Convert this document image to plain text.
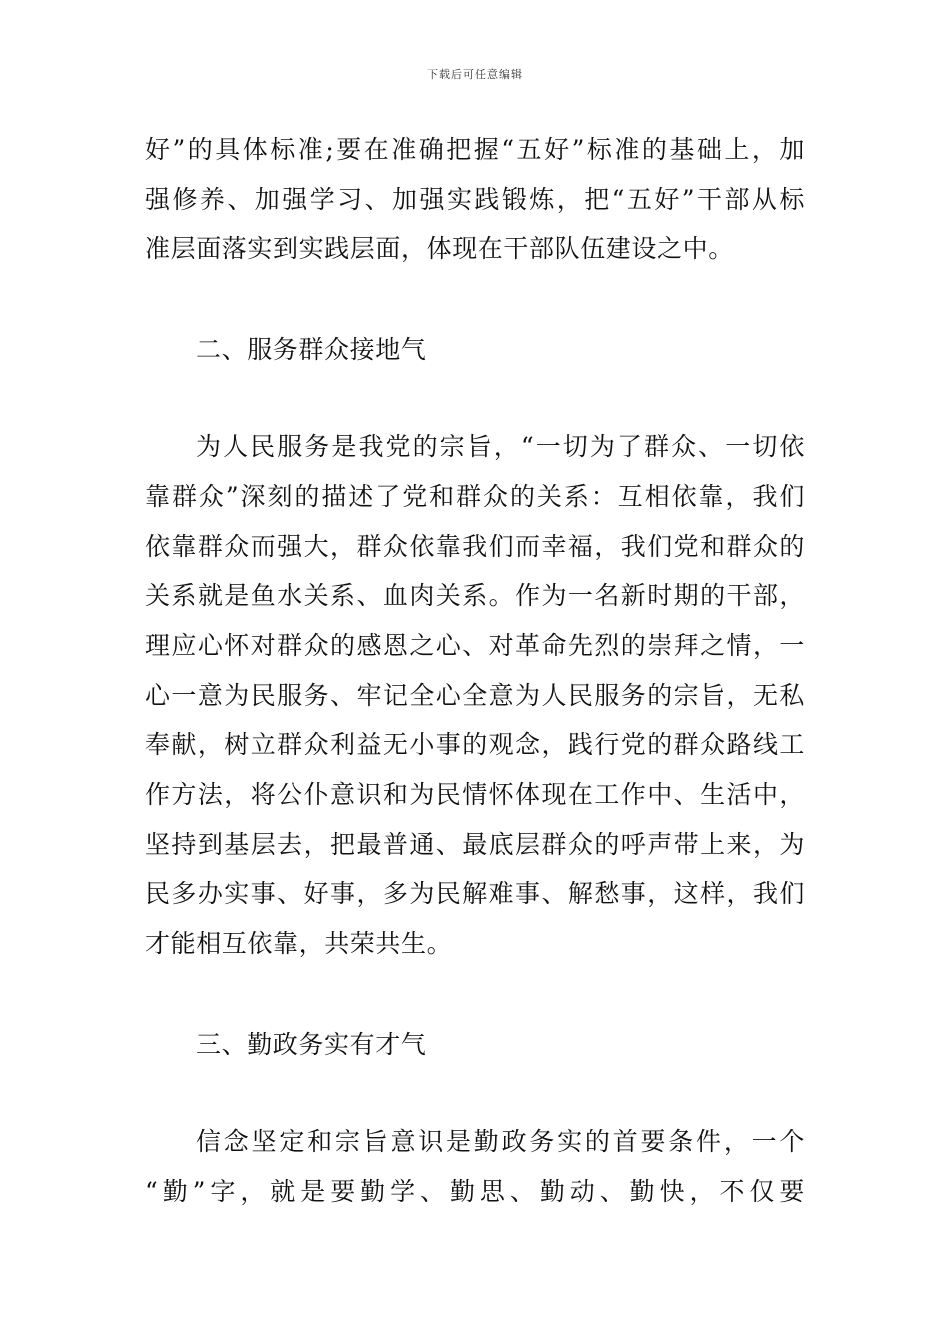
下载后可任意编辑
好”的具体标准;要在准确把握“五好”标准的基础上，加
强修养、加强学习、加强实践锻炼，把“五好”干部从标
准层面落实到实践层面，体现在干部队伍建设之中。
二、服务群众接地气
为人民服务是我党的宗旨，“一切为了群众、一切依
靠群众”深刻的描述了党和群众的关系：互相依靠，我们
依靠群众而强大，群众依靠我们而幸福，我们党和群众的
关系就是鱼水关系、血肉关系。作为一名新时期的干部，
理应心怀对群众的感恩之心、对革命先烈的崇拜之情，一
心一意为民服务、牢记全心全意为人民服务的宗旨，无私
奉献，树立群众利益无小事的观念，践行党的群众路线工
作方法，将公仆意识和为民情怀体现在工作中、生活中，
坚持到基层去，把最普通、最底层群众的呼声带上来，为
民多办实事、好事，多为民解难事、解愁事，这样，我们
才能相互依靠，共荣共生。
三、勤政务实有才气
信念坚定和宗旨意识是勤政务实的首要条件，一个
“勤”字，就是要勤学、勤思、勤动、勤快，不仅要
